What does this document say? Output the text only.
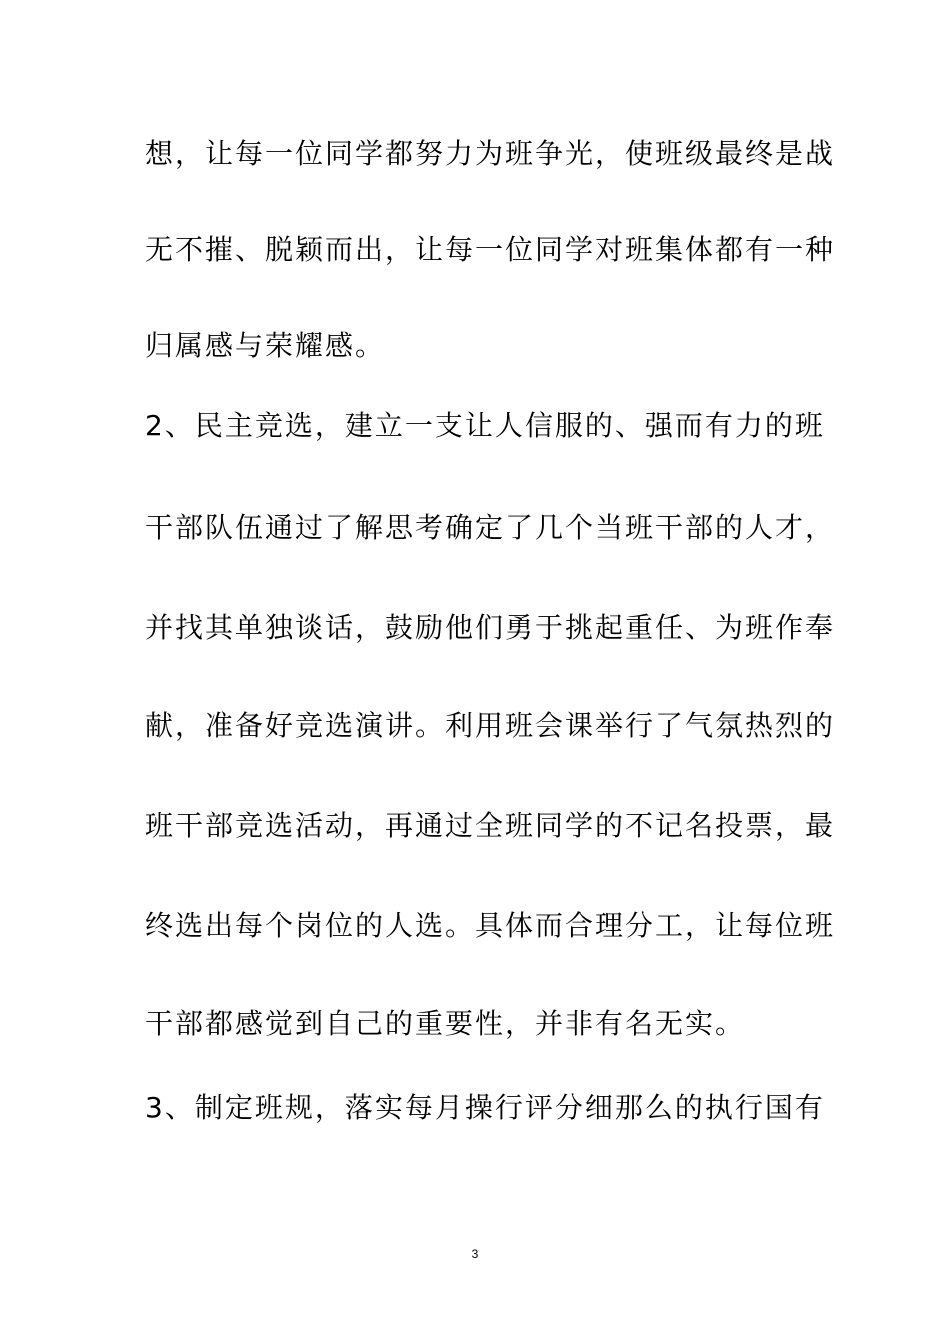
想，让每一位同学都努力为班争光，使班级最终是战
无不摧、脱颖而出，让每一位同学对班集体都有一种
归属感与荣耀感。
2、民主竞选，建立一支让人信服的、强而有力的班
干部队伍通过了解思考确定了几个当班干部的人才，
并找其单独谈话，鼓励他们勇于挑起重任、为班作奉
献，准备好竞选演讲。利用班会课举行了气氛热烈的
班干部竞选活动，再通过全班同学的不记名投票，最
终选出每个岗位的人选。具体而合理分工，让每位班
干部都感觉到自己的重要性，并非有名无实。
3、制定班规，落实每月操行评分细那么的执行国有
3
